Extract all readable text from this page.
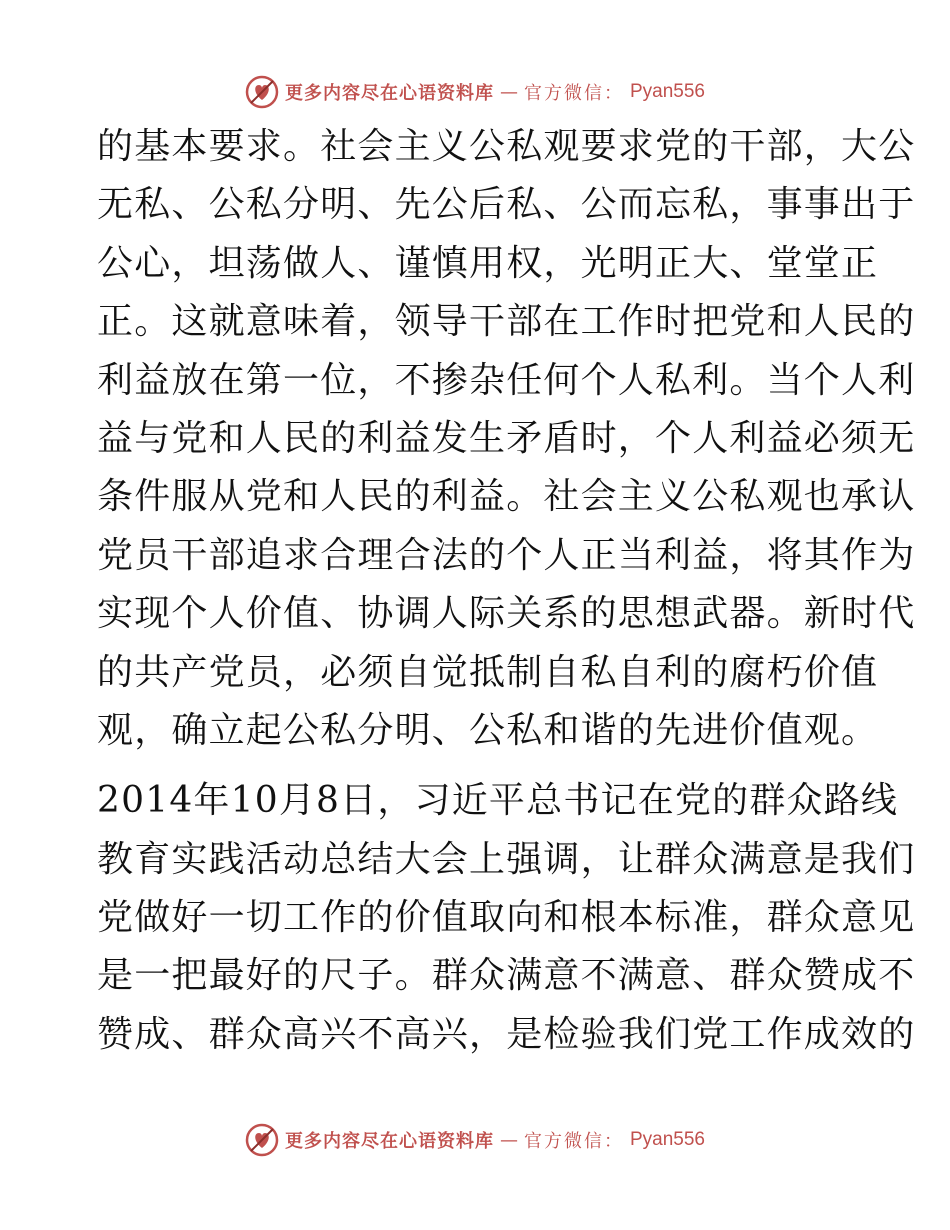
更多内容尽在心语资料库 — 官方微信： Pyan556
的基本要求。社会主义公私观要求党的干部，大公
无私、公私分明、先公后私、公而忘私，事事出于
公心，坦荡做人、谨慎用权，光明正大、堂堂正
正。这就意味着，领导干部在工作时把党和人民的
利益放在第一位，不掺杂任何个人私利。当个人利
益与党和人民的利益发生矛盾时，个人利益必须无
条件服从党和人民的利益。社会主义公私观也承认
党员干部追求合理合法的个人正当利益，将其作为
实现个人价值、协调人际关系的思想武器。新时代
的共产党员，必须自觉抵制自私自利的腐朽价值
观，确立起公私分明、公私和谐的先进价值观。
2014年10月8日，习近平总书记在党的群众路线
教育实践活动总结大会上强调，让群众满意是我们
党做好一切工作的价值取向和根本标准，群众意见
是一把最好的尺子。群众满意不满意、群众赞成不
赞成、群众高兴不高兴，是检验我们党工作成效的
更多内容尽在心语资料库 — 官方微信： Pyan556
